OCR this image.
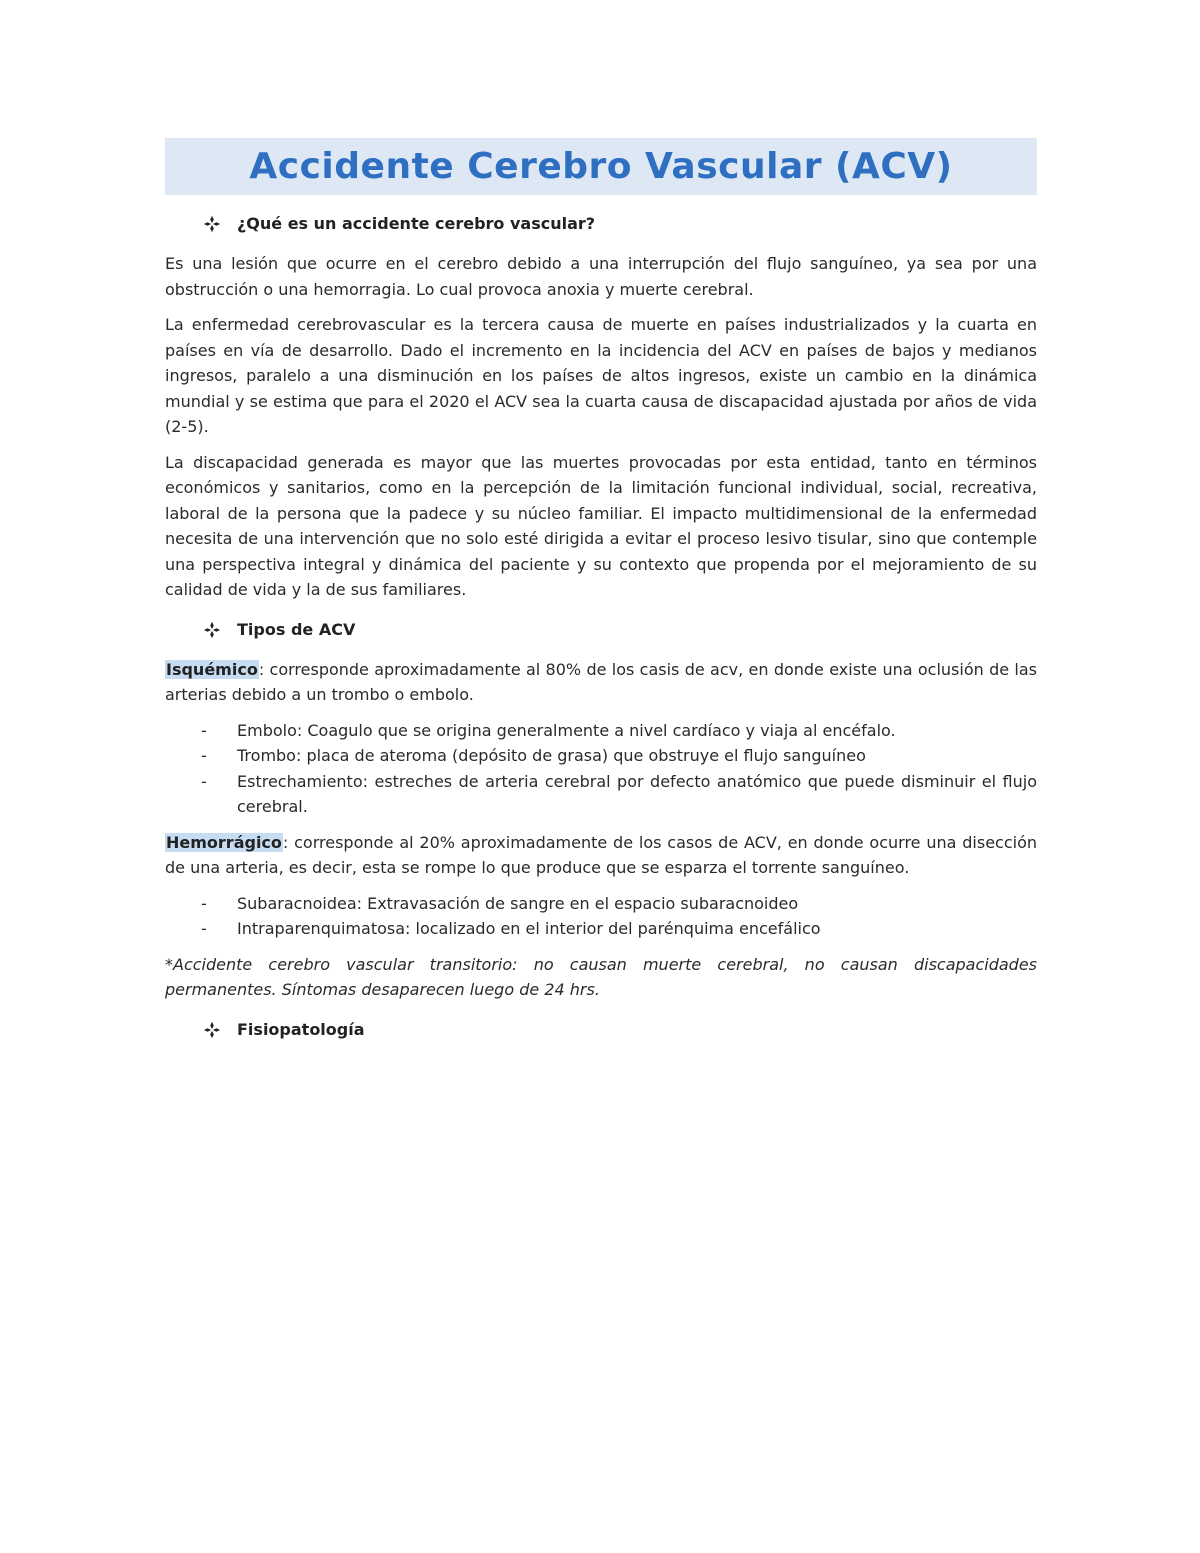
Accidente Cerebro Vascular (ACV)
¿Qué es un accidente cerebro vascular?

Es una lesión que ocurre en el cerebro debido a una interrupción del flujo sanguíneo, ya sea por una obstrucción o una hemorragia. Lo cual provoca anoxia y muerte cerebral.

La enfermedad cerebrovascular es la tercera causa de muerte en países industrializados y la cuarta en países en vía de desarrollo. Dado el incremento en la incidencia del ACV en países de bajos y medianos ingresos, paralelo a una disminución en los países de altos ingresos, existe un cambio en la dinámica mundial y se estima que para el 2020 el ACV sea la cuarta causa de discapacidad ajustada por años de vida (2-5).

La discapacidad generada es mayor que las muertes provocadas por esta entidad, tanto en términos económicos y sanitarios, como en la percepción de la limitación funcional individual, social, recreativa, laboral de la persona que la padece y su núcleo familiar. El impacto multidimensional de la enfermedad necesita de una intervención que no solo esté dirigida a evitar el proceso lesivo tisular, sino que contemple una perspectiva integral y dinámica del paciente y su contexto que propenda por el mejoramiento de su calidad de vida y la de sus familiares.

Tipos de ACV

Isquémico: corresponde aproximadamente al 80% de los casis de acv, en donde existe una oclusión de las arterias debido a un trombo o embolo.

- Embolo: Coagulo que se origina generalmente a nivel cardíaco y viaja al encéfalo.
- Trombo: placa de ateroma (depósito de grasa) que obstruye el flujo sanguíneo
- Estrechamiento: estreches de arteria cerebral por defecto anatómico que puede disminuir el flujo cerebral.

Hemorrágico: corresponde al 20% aproximadamente de los casos de ACV, en donde ocurre una disección de una arteria, es decir, esta se rompe lo que produce que se esparza el torrente sanguíneo.

- Subaracnoidea: Extravasación de sangre en el espacio subaracnoideo
- Intraparenquimatosa: localizado en el interior del parénquima encefálico

*Accidente cerebro vascular transitorio: no causan muerte cerebral, no causan discapacidades permanentes. Síntomas desaparecen luego de 24 hrs.

Fisiopatología
